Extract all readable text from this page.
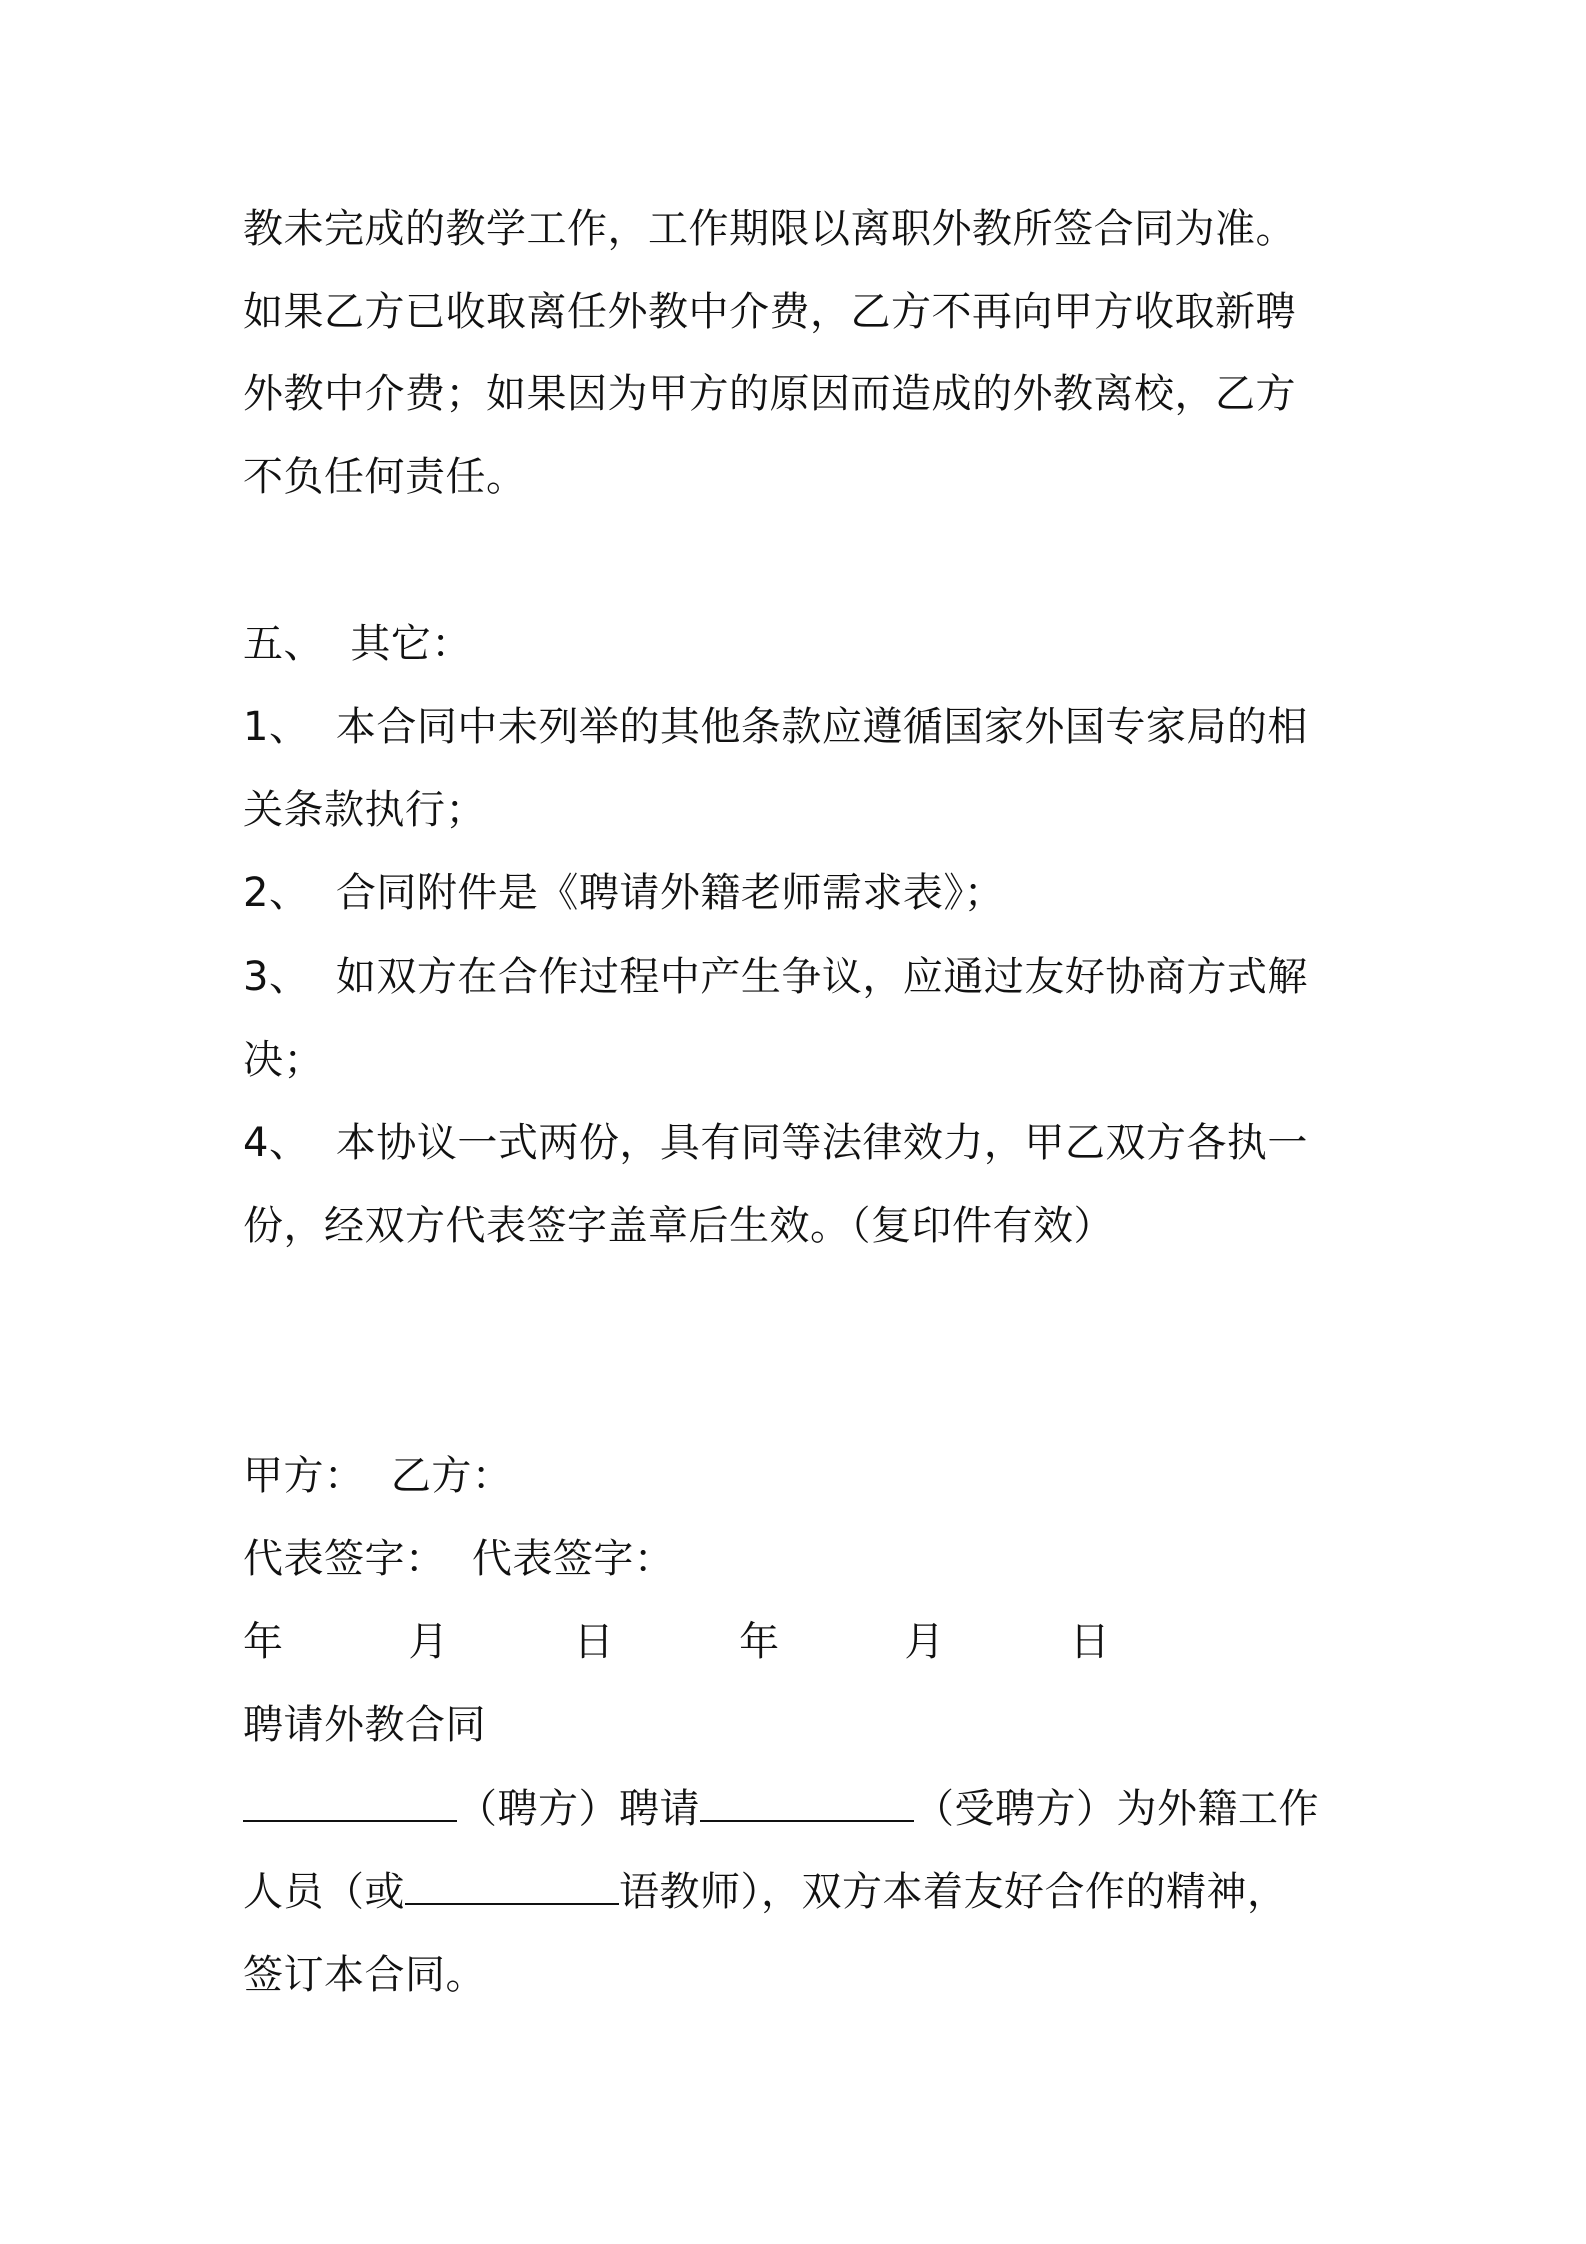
教未完成的教学工作，工作期限以离职外教所签合同为准。
如果乙方已收取离任外教中介费，乙方不再向甲方收取新聘
外教中介费；如果因为甲方的原因而造成的外教离校，乙方
不负任何责任。
五、  其它：
1、  本合同中未列举的其他条款应遵循国家外国专家局的相
关条款执行；
2、  合同附件是《聘请外籍老师需求表》；
3、  如双方在合作过程中产生争议，应通过友好协商方式解
决；
4、  本协议一式两份，具有同等法律效力，甲乙双方各执一
份，经双方代表签字盖章后生效。（复印件有效）
甲方：  乙方：
代表签字：  代表签字：
年    月    日    年    月    日
聘请外教合同
（聘方）聘请	（受聘方）为外籍工作
人员（或	语教师），双方本着友好合作的精神，
签订本合同。
